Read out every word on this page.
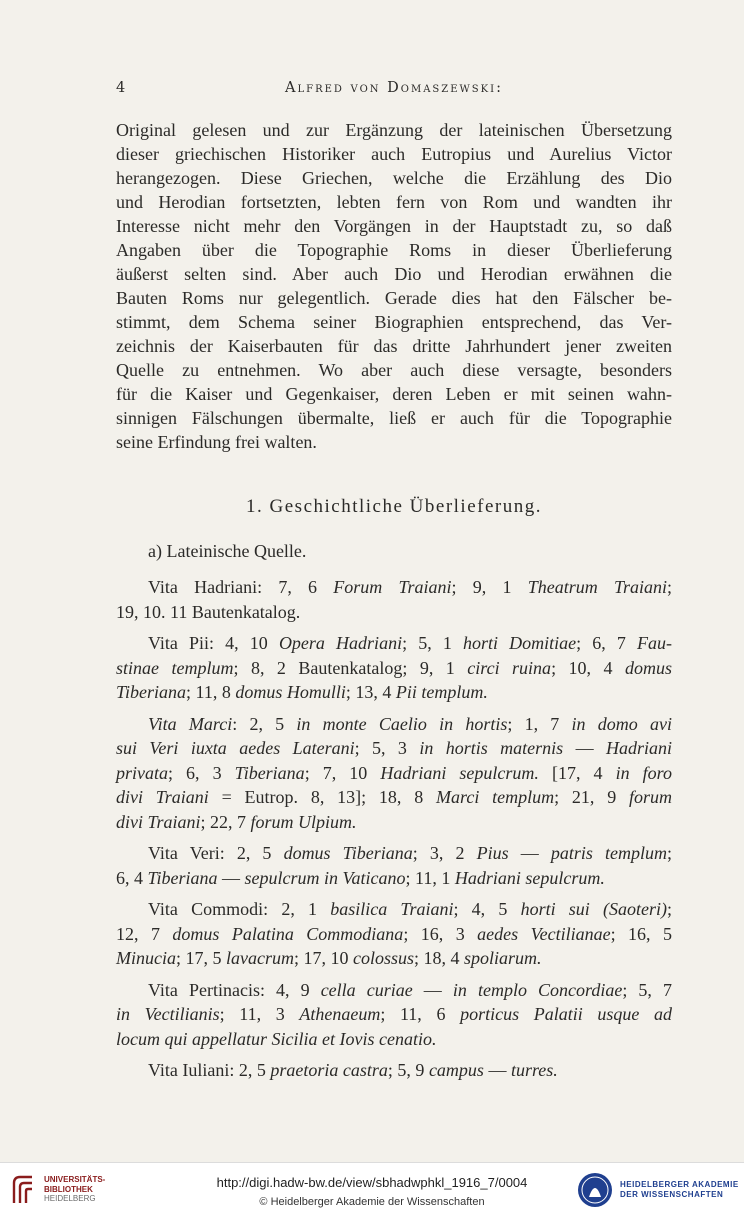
4	Alfred von Domaszewski:
Original gelesen und zur Ergänzung der lateinischen Übersetzung
dieser griechischen Historiker auch Eutropius und Aurelius Victor
herangezogen. Diese Griechen, welche die Erzählung des Dio
und Herodian fortsetzten, lebten fern von Rom und wandten ihr
Interesse nicht mehr den Vorgängen in der Hauptstadt zu, so daß
Angaben über die Topographie Roms in dieser Überlieferung
äußerst selten sind. Aber auch Dio und Herodian erwähnen die
Bauten Roms nur gelegentlich. Gerade dies hat den Fälscher be-
stimmt, dem Schema seiner Biographien entsprechend, das Ver-
zeichnis der Kaiserbauten für das dritte Jahrhundert jener zweiten
Quelle zu entnehmen. Wo aber auch diese versagte, besonders
für die Kaiser und Gegenkaiser, deren Leben er mit seinen wahn-
sinnigen Fälschungen übermalte, ließ er auch für die Topographie
seine Erfindung frei walten.
1. Geschichtliche Überlieferung.
a) Lateinische Quelle.
Vita Hadriani: 7, 6 Forum Traiani; 9, 1 Theatrum Traiani;
19, 10. 11 Bautenkatalog.
Vita Pii: 4, 10 Opera Hadriani; 5, 1 horti Domitiae; 6, 7 Fau-
stinae templum; 8, 2 Bautenkatalog; 9, 1 circi ruina; 10, 4 domus
Tiberiana; 11, 8 domus Homulli; 13, 4 Pii templum.
Vita Marci: 2, 5 in monte Caelio in hortis; 1, 7 in domo avi
sui Veri iuxta aedes Laterani; 5, 3 in hortis maternis — Hadriani
privata; 6, 3 Tiberiana; 7, 10 Hadriani sepulcrum. [17, 4 in foro
divi Traiani = Eutrop. 8, 13]; 18, 8 Marci templum; 21, 9 forum
divi Traiani; 22, 7 forum Ulpium.
Vita Veri: 2, 5 domus Tiberiana; 3, 2 Pius — patris templum;
6, 4 Tiberiana — sepulcrum in Vaticano; 11, 1 Hadriani sepulcrum.
Vita Commodi: 2, 1 basilica Traiani; 4, 5 horti sui (Saoteri);
12, 7 domus Palatina Commodiana; 16, 3 aedes Vectilianae; 16, 5
Minucia; 17, 5 lavacrum; 17, 10 colossus; 18, 4 spoliarum.
Vita Pertinacis: 4, 9 cella curiae — in templo Concordiae; 5, 7
in Vectilianis; 11, 3 Athenaeum; 11, 6 porticus Palatii usque ad
locum qui appellatur Sicilia et Iovis cenatio.
Vita Iuliani: 2, 5 praetoria castra; 5, 9 campus — turres.
UNIVERSITÄTS-
BIBLIOTHEK
HEIDELBERG
http://digi.hadw-bw.de/view/sbhadwphkl_1916_7/0004
© Heidelberger Akademie der Wissenschaften
HEIDELBERGER AKADEMIE
DER WISSENSCHAFTEN
